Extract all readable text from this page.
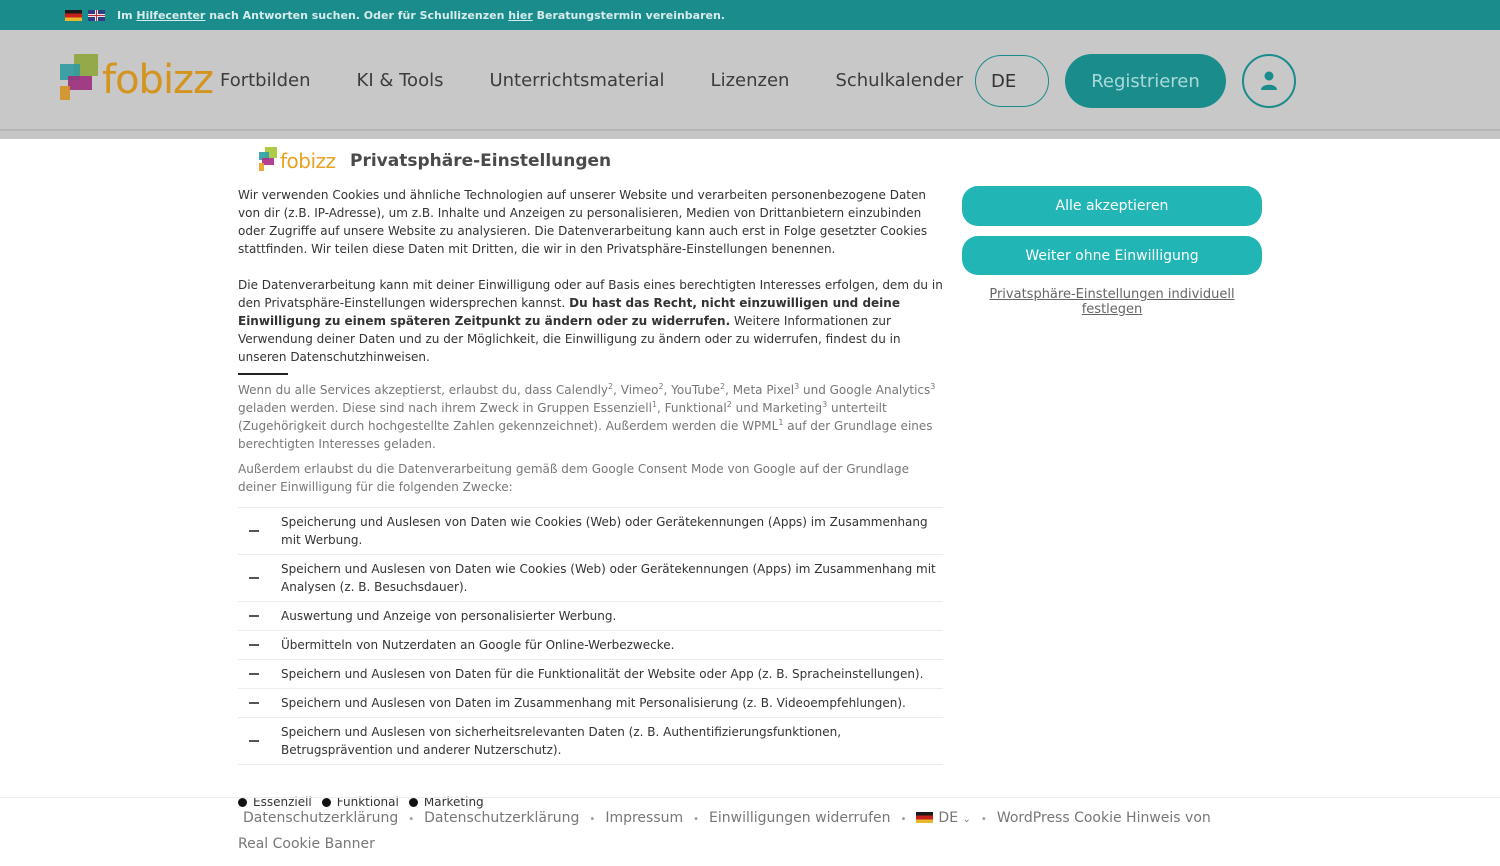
Im Hilfecenter nach Antworten suchen. Oder für Schullizenzen hier Beratungstermin vereinbaren.
fobizz Fortbilden	KI & Tools	Unterrichtsmaterial	Lizenzen	Schulkalender	DE	Registrieren
fobizz Privatsphäre-Einstellungen

Wir verwenden Cookies und ähnliche Technologien auf unserer Website und verarbeiten personenbezogene Daten von dir (z.B. IP-Adresse), um z.B. Inhalte und Anzeigen zu personalisieren, Medien von Drittanbietern einzubinden oder Zugriffe auf unsere Website zu analysieren. Die Datenverarbeitung kann auch erst in Folge gesetzter Cookies stattfinden. Wir teilen diese Daten mit Dritten, die wir in den Privatsphäre-Einstellungen benennen.

Die Datenverarbeitung kann mit deiner Einwilligung oder auf Basis eines berechtigten Interesses erfolgen, dem du in den Privatsphäre-Einstellungen widersprechen kannst. Du hast das Recht, nicht einzuwilligen und deine Einwilligung zu einem späteren Zeitpunkt zu ändern oder zu widerrufen. Weitere Informationen zur Verwendung deiner Daten und zu der Möglichkeit, die Einwilligung zu ändern oder zu widerrufen, findest du in unseren Datenschutzhinweisen.

Wenn du alle Services akzeptierst, erlaubst du, dass Calendly$^2$, Vimeo$^2$, YouTube$^2$, Meta Pixel$^3$ und Google Analytics$^3$ geladen werden. Diese sind nach ihrem Zweck in Gruppen Essenziell$^1$, Funktional$^2$ und Marketing$^3$ unterteilt (Zugehörigkeit durch hochgestellte Zahlen gekennzeichnet). Außerdem werden die WPML$^1$ auf der Grundlage eines berechtigten Interesses geladen.

Außerdem erlaubst du die Datenverarbeitung gemäß dem Google Consent Mode von Google auf der Grundlage deiner Einwilligung für die folgenden Zwecke:

Speicherung und Auslesen von Daten wie Cookies (Web) oder Gerätekennungen (Apps) im Zusammenhang mit Werbung.
Speichern und Auslesen von Daten wie Cookies (Web) oder Gerätekennungen (Apps) im Zusammenhang mit Analysen (z. B. Besuchsdauer).
Auswertung und Anzeige von personalisierter Werbung.
Übermitteln von Nutzerdaten an Google für Online-Werbezwecke.
Speichern und Auslesen von Daten für die Funktionalität der Website oder App (z. B. Spracheinstellungen).
Speichern und Auslesen von Daten im Zusammenhang mit Personalisierung (z. B. Videoempfehlungen).
Speichern und Auslesen von sicherheitsrelevanten Daten (z. B. Authentifizierungsfunktionen, Betrugsprävention und anderer Nutzerschutz).
Essenziell Funktional Marketing
Alle akzeptieren
Weiter ohne Einwilligung
Privatsphäre-Einstellungen individuell festlegen
Datenschutzerklärung • Datenschutzerklärung • Impressum • Einwilligungen widerrufen • DE ⌄ • WordPress Cookie Hinweis von Real Cookie Banner
